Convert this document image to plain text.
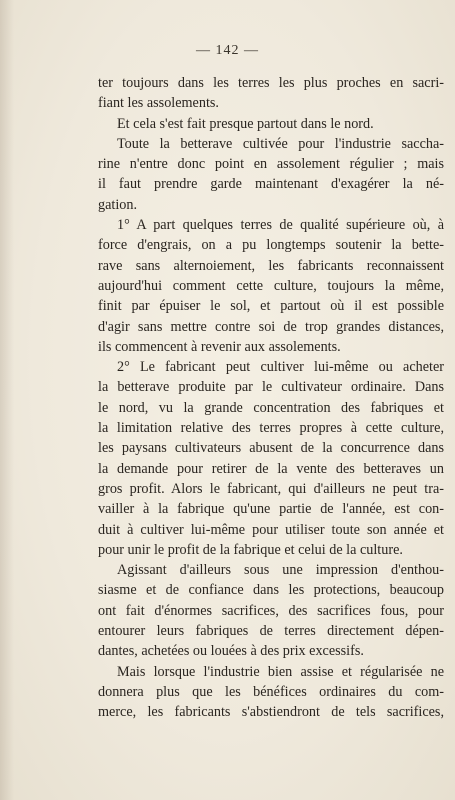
— 142 —

ter toujours dans les terres les plus proches en sacri-
fiant les assolements.

Et cela s'est fait presque partout dans le nord.

Toute la betterave cultivée pour l'industrie saccha-
rine n'entre donc point en assolement régulier ; mais
il faut prendre garde maintenant d'exagérer la né-
gation.

1° A part quelques terres de qualité supérieure où, à
force d'engrais, on a pu longtemps soutenir la bette-
rave sans alternoiement, les fabricants reconnaissent
aujourd'hui comment cette culture, toujours la même,
finit par épuiser le sol, et partout où il est possible
d'agir sans mettre contre soi de trop grandes distances,
ils commencent à revenir aux assolements.

2° Le fabricant peut cultiver lui-même ou acheter
la betterave produite par le cultivateur ordinaire. Dans
le nord, vu la grande concentration des fabriques et
la limitation relative des terres propres à cette culture,
les paysans cultivateurs abusent de la concurrence dans
la demande pour retirer de la vente des betteraves un
gros profit. Alors le fabricant, qui d'ailleurs ne peut tra-
vailler à la fabrique qu'une partie de l'année, est con-
duit à cultiver lui-même pour utiliser toute son année et
pour unir le profit de la fabrique et celui de la culture.

Agissant d'ailleurs sous une impression d'enthou-
siasme et de confiance dans les protections, beaucoup
ont fait d'énormes sacrifices, des sacrifices fous, pour
entourer leurs fabriques de terres directement dépen-
dantes, achetées ou louées à des prix excessifs.

Mais lorsque l'industrie bien assise et régularisée ne
donnera plus que les bénéfices ordinaires du com-
merce, les fabricants s'abstiendront de tels sacrifices,
